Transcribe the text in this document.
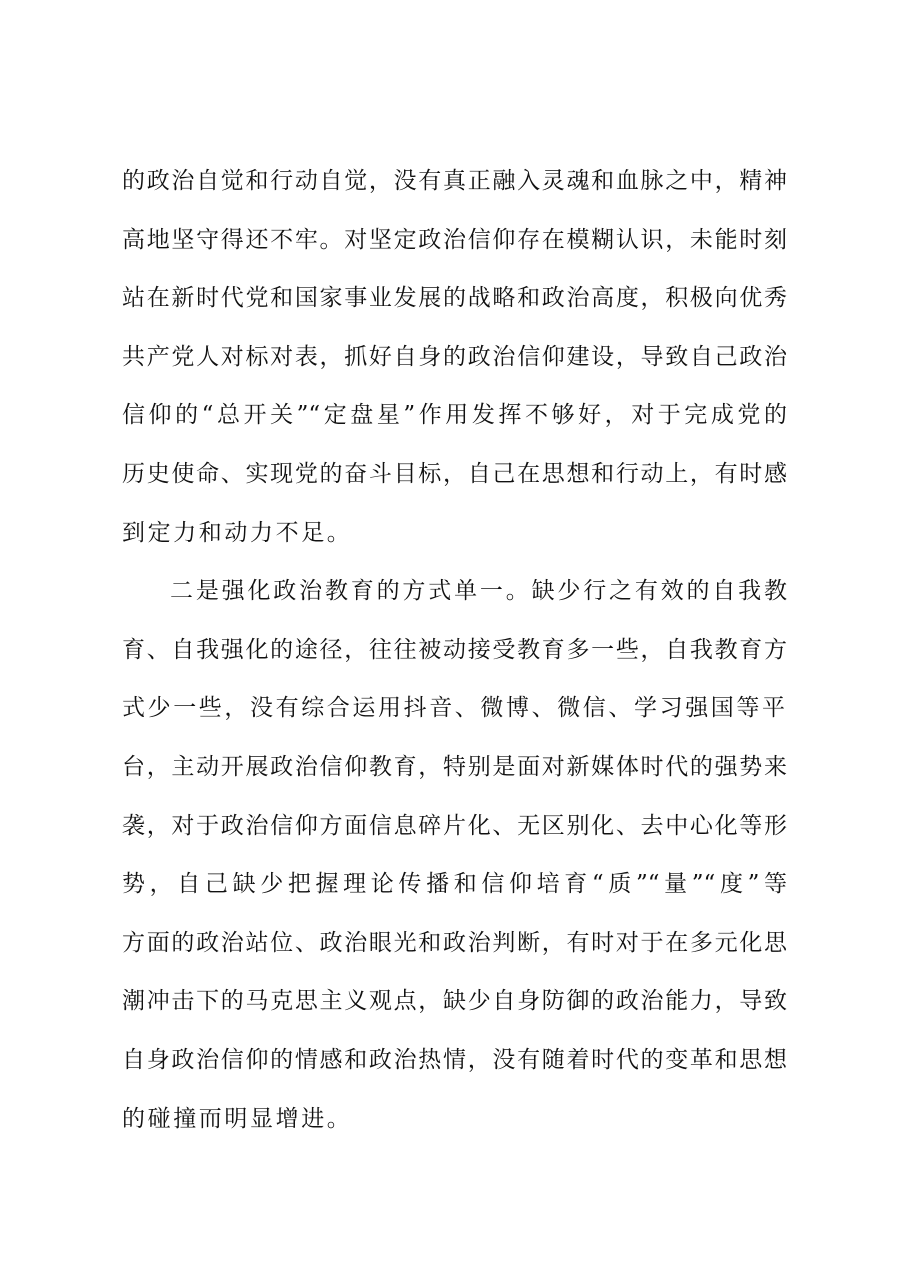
的政治自觉和行动自觉，没有真正融入灵魂和血脉之中，精神
高地坚守得还不牢。对坚定政治信仰存在模糊认识，未能时刻
站在新时代党和国家事业发展的战略和政治高度，积极向优秀
共产党人对标对表，抓好自身的政治信仰建设，导致自己政治
信仰的“总开关”“定盘星”作用发挥不够好，对于完成党的
历史使命、实现党的奋斗目标，自己在思想和行动上，有时感
到定力和动力不足。
二是强化政治教育的方式单一。缺少行之有效的自我教
育、自我强化的途径，往往被动接受教育多一些，自我教育方
式少一些，没有综合运用抖音、微博、微信、学习强国等平
台，主动开展政治信仰教育，特别是面对新媒体时代的强势来
袭，对于政治信仰方面信息碎片化、无区别化、去中心化等形
势，自己缺少把握理论传播和信仰培育“质”“量”“度”等
方面的政治站位、政治眼光和政治判断，有时对于在多元化思
潮冲击下的马克思主义观点，缺少自身防御的政治能力，导致
自身政治信仰的情感和政治热情，没有随着时代的变革和思想
的碰撞而明显增进。
